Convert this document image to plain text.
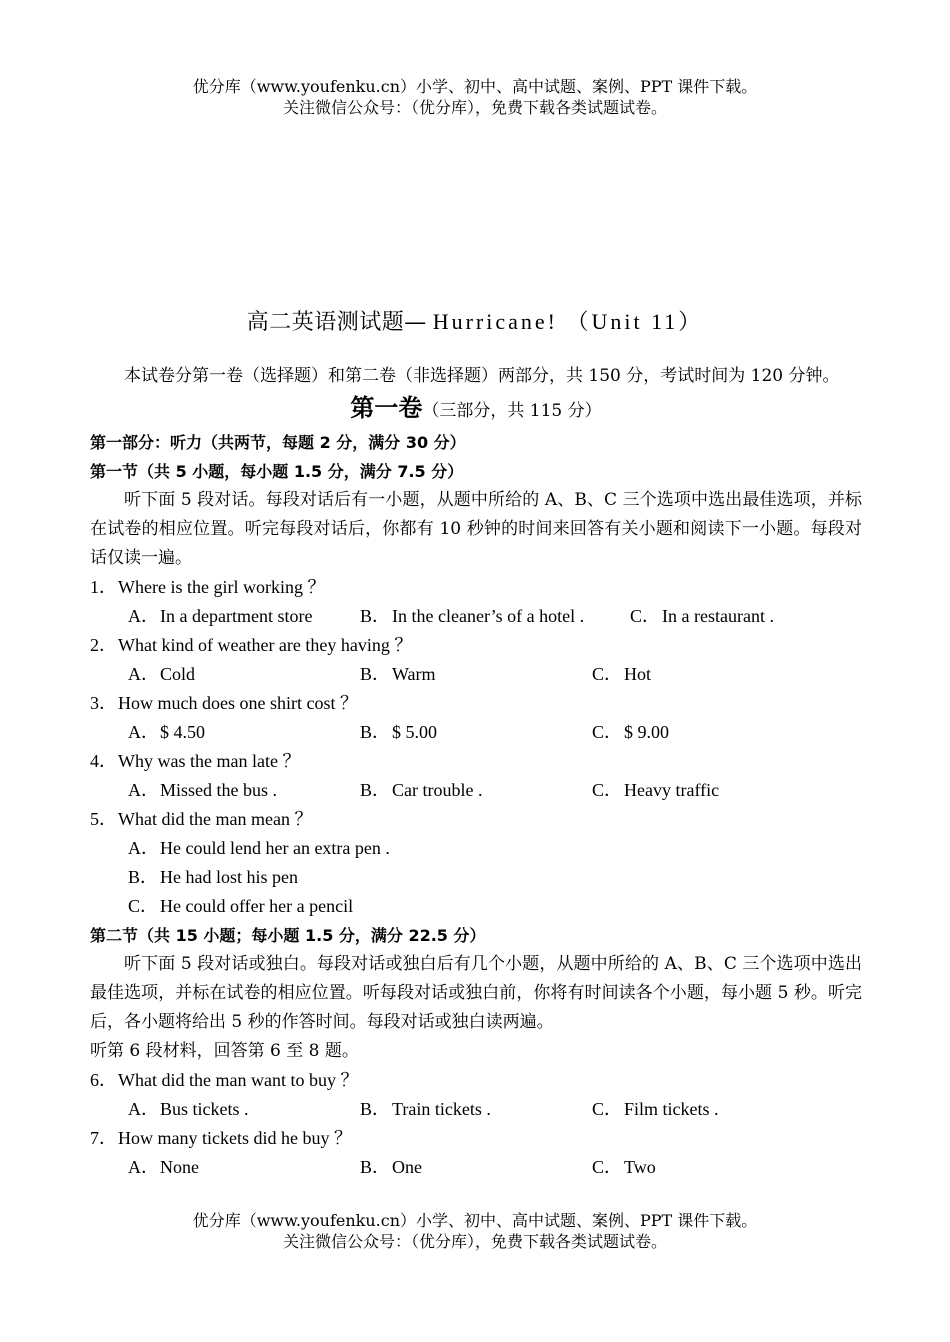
优分库（www.youfenku.cn）小学、初中、高中试题、案例、PPT 课件下载。
关注微信公众号：（优分库），免费下载各类试题试卷。
高二英语测试题— Hurricane! （Unit 11）

本试卷分第一卷（选择题）和第二卷（非选择题）两部分，共 150 分，考试时间为 120 分钟。

第一卷（三部分，共 115 分）

第一部分：听力（共两节，每题 2 分，满分 30 分）

第一节（共 5 小题，每小题 1.5 分，满分 7.5 分）

听下面 5 段对话。每段对话后有一小题，从题中所给的 A、B、C 三个选项中选出最佳选项，并标在试卷的相应位置。听完每段对话后，你都有 10 秒钟的时间来回答有关小题和阅读下一小题。每段对话仅读一遍。

1．Where is the girl working ？

A．In a department store	B． In the cleaner’s of a hotel .	C． In a restaurant .

2．What kind of weather are they having ？

A．Cold	B． Warm	C． Hot

3．How much does one shirt cost ？

A．$ 4.50	B． $ 5.00	C． $ 9.00

4．Why was the man late ？

A．Missed the bus .	B． Car trouble .	C． Heavy traffic

5．What did the man mean ？

A．He could lend her an extra pen .
B． He had lost his pen
C． He could offer her a pencil

第二节（共 15 小题；每小题 1.5 分，满分 22.5 分）

听下面 5 段对话或独白。每段对话或独白后有几个小题，从题中所给的 A、B、C 三个选项中选出最佳选项，并标在试卷的相应位置。听每段对话或独白前，你将有时间读各个小题，每小题 5 秒。听完后，各小题将给出 5 秒的作答时间。每段对话或独白读两遍。

听第 6 段材料，回答第 6 至 8 题。

6．What did the man want to buy ？

A．Bus tickets .	B． Train tickets .	C． Film tickets .

7．How many tickets did he buy ？

A．None	B． One	C． Two

优分库（www.youfenku.cn）小学、初中、高中试题、案例、PPT 课件下载。
关注微信公众号：（优分库），免费下载各类试题试卷。
